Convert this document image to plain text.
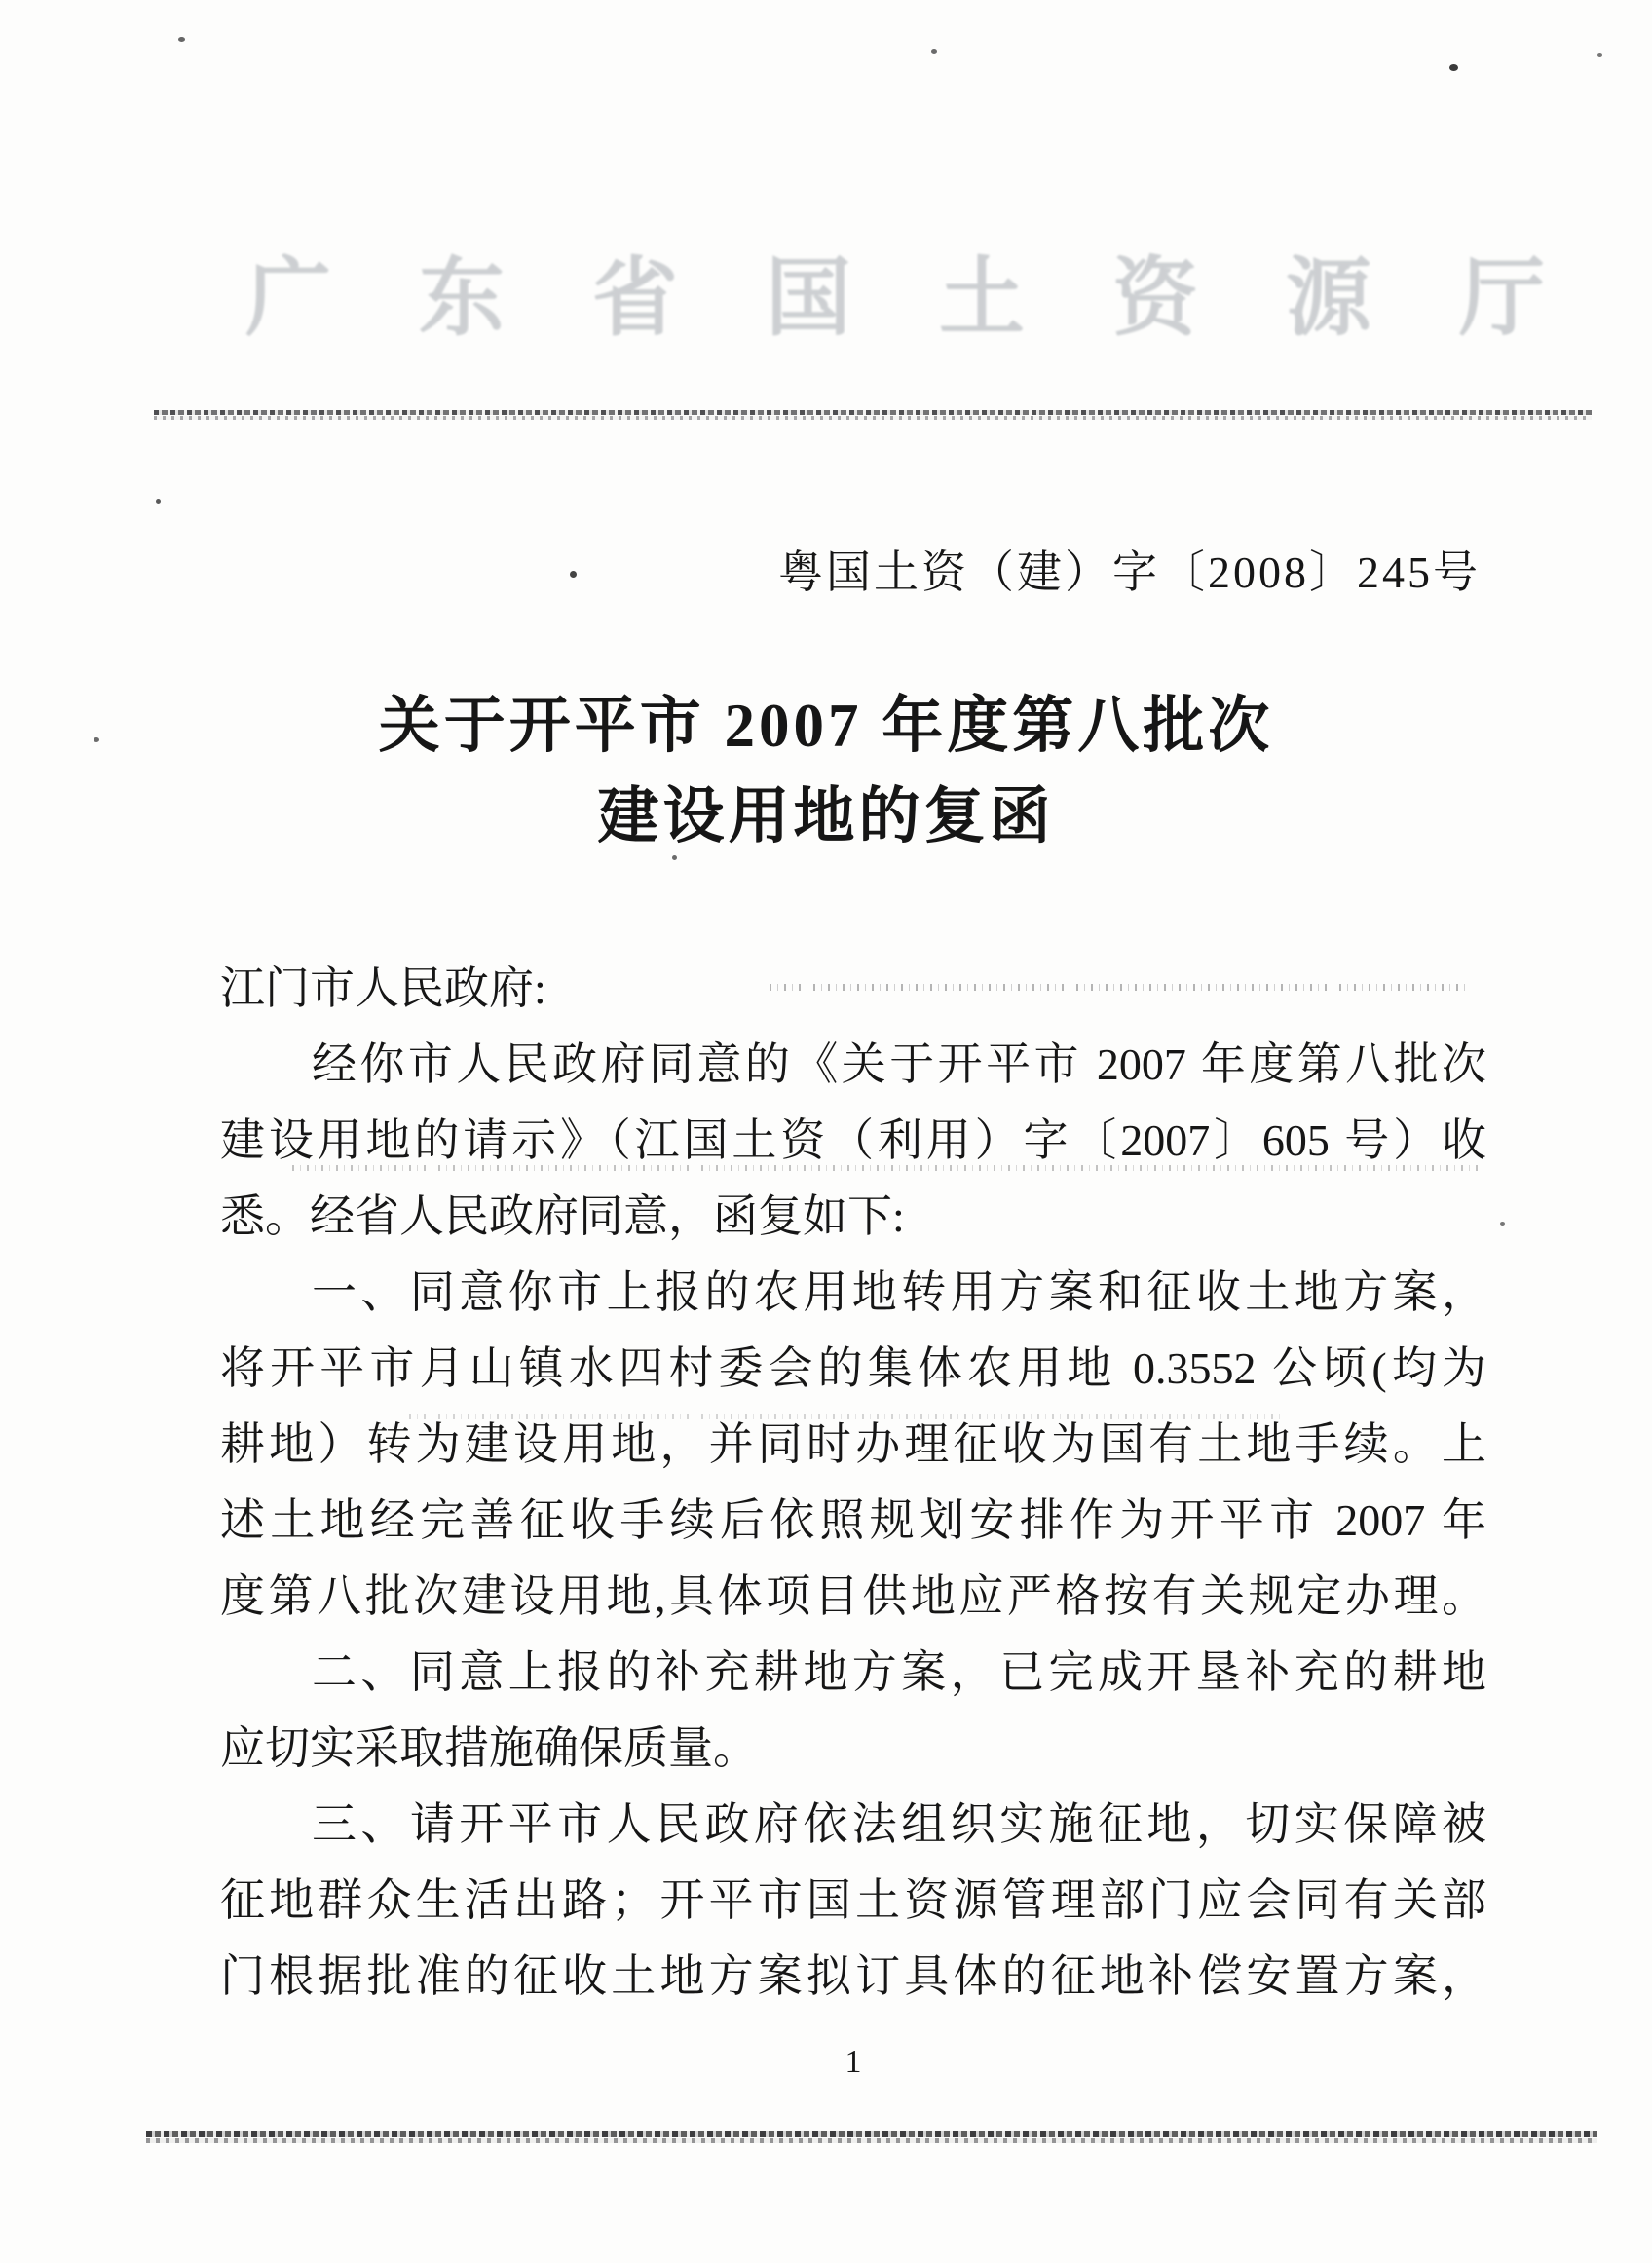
广东省国土资源厅
粤国土资（建）字〔2008〕245号
关于开平市 2007 年度第八批次
建设用地的复函
江门市人民政府:
经你市人民政府同意的《关于开平市 2007 年度第八批次
建设用地的请示》（江国土资（利用）字〔2007〕605 号）收
悉。经省人民政府同意，函复如下:
一、同意你市上报的农用地转用方案和征收土地方案，
将开平市月山镇水四村委会的集体农用地 0.3552 公顷(均为
耕地）转为建设用地，并同时办理征收为国有土地手续。上
述土地经完善征收手续后依照规划安排作为开平市 2007 年
度第八批次建设用地,具体项目供地应严格按有关规定办理。
二、同意上报的补充耕地方案，已完成开垦补充的耕地
应切实采取措施确保质量。
三、请开平市人民政府依法组织实施征地，切实保障被
征地群众生活出路；开平市国土资源管理部门应会同有关部
门根据批准的征收土地方案拟订具体的征地补偿安置方案，
1
